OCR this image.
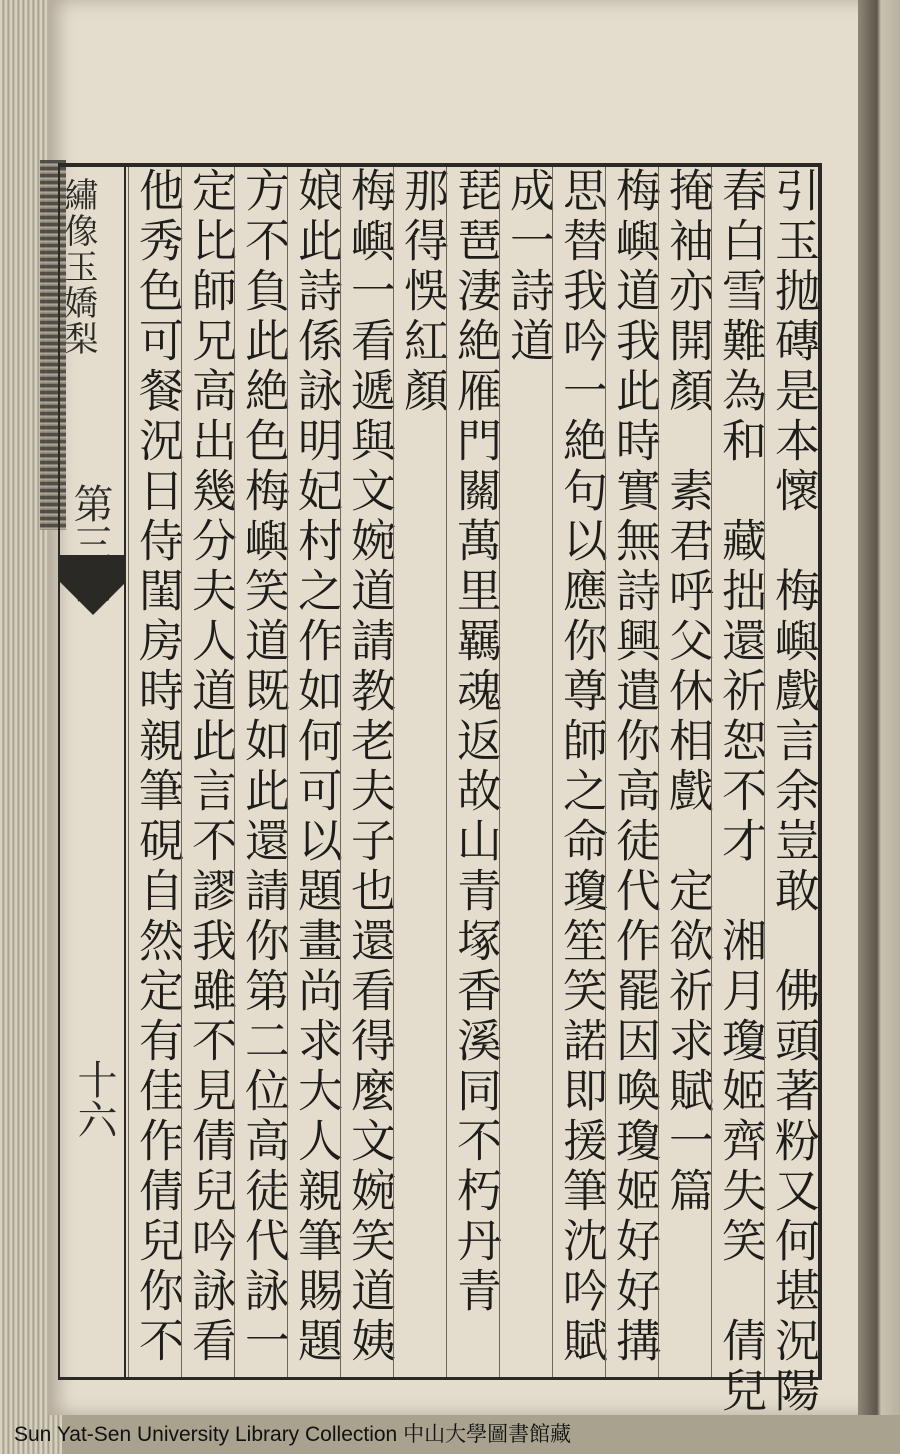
繡像玉嬌梨
第三回
十六 他秀色可餐況日侍閨房時親筆硯自然定有佳作倩兒你不 定比師兄高出幾分夫人道此言不謬我雖不見倩兒吟詠看 方不負此絶色梅嶼笑道既如此還請你第二位高徒代詠一 娘此詩係詠明妃村之作如何可以題畫尚求大人親筆賜題 梅嶼一看遞與文婉道請教老夫子也還看得麼文婉笑道姨 那得悞紅顏 琵琶淒絶雁門關萬里羈魂返故山青塚香溪同不朽丹青 成一詩道 思替我吟一絶句以應你尊師之命瓊笙笑諾即援筆沈吟賦 梅嶼道我此時實無詩興遣你高徒代作罷因喚瓊姬好好搆 掩袖亦開顏　素君呼父休相戲　定欲祈求賦一篇 春白雪難為和　藏拙還祈恕不才　湘月瓊姬齊失笑　倩兒 引玉抛磚是本懷　梅嶼戲言余豈敢　佛頭著粉又何堪況陽
Sun Yat-Sen University Library Collection 中山大學圖書館藏
